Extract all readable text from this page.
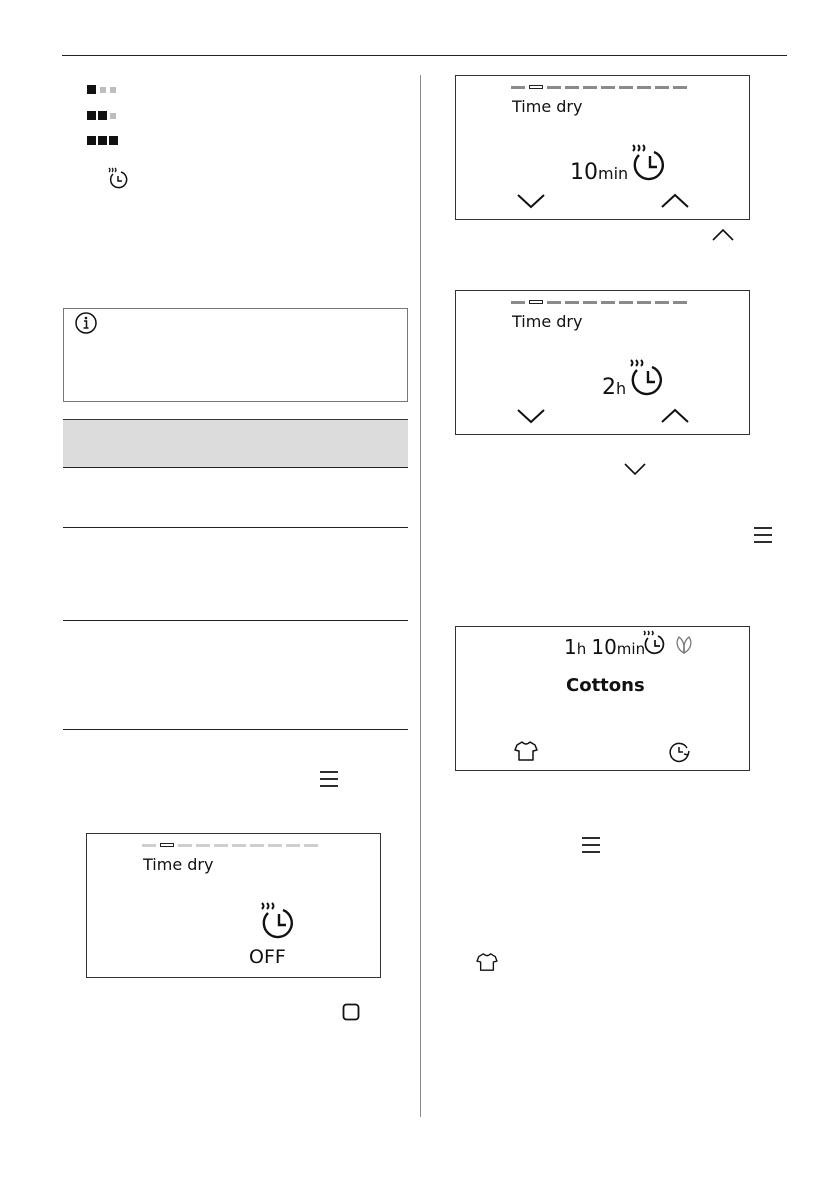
Time dry
OFF
Time dry
10min
Time dry
2h
1h 10min
Cottons
